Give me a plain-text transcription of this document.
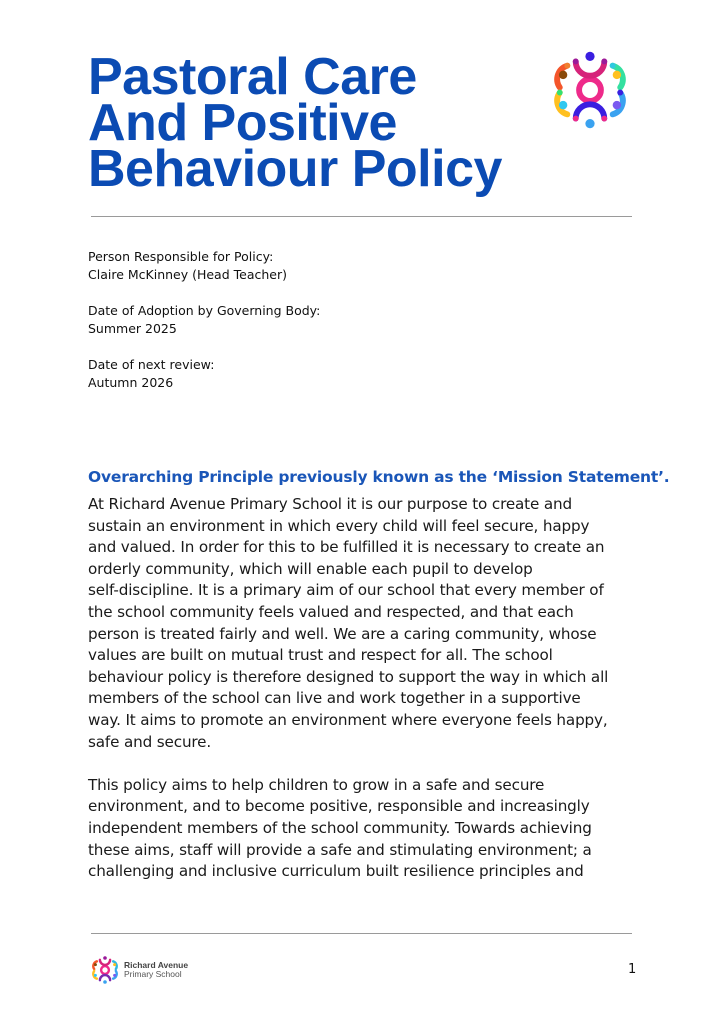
Pastoral Care
And Positive
Behaviour Policy

Person Responsible for Policy:

Claire McKinney (Head Teacher)

Date of Adoption by Governing Body:

Summer 2025

Date of next review:

Autumn 2026

Overarching Principle previously known as the ‘Mission Statement’.

At Richard Avenue Primary School it is our purpose to create and
sustain an environment in which every child will feel secure, happy
and valued. In order for this to be fulfilled it is necessary to create an
orderly community, which will enable each pupil to develop
self-discipline. It is a primary aim of our school that every member of
the school community feels valued and respected, and that each
person is treated fairly and well. We are a caring community, whose
values are built on mutual trust and respect for all. The school
behaviour policy is therefore designed to support the way in which all
members of the school can live and work together in a supportive
way. It aims to promote an environment where everyone feels happy,
safe and secure.

This policy aims to help children to grow in a safe and secure
environment, and to become positive, responsible and increasingly
independent members of the school community. Towards achieving
these aims, staff will provide a safe and stimulating environment; a
challenging and inclusive curriculum built resilience principles and

Richard Avenue
Primary School	1
